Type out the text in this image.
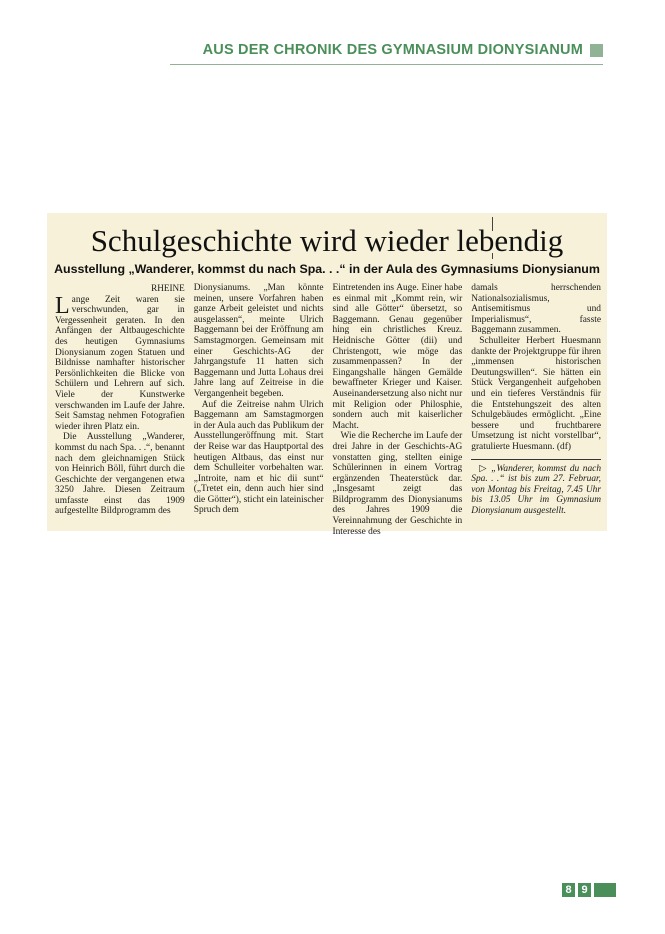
AUS DER CHRONIK DES GYMNASIUM DIONYSIANUM
Schulgeschichte wird wieder lebendig
Ausstellung „Wanderer, kommst du nach Spa. . .“ in der Aula des Gymnasiums Dionysianum
RHEINE

Lange Zeit waren sie verschwunden, gar in Vergessenheit geraten. In den Anfängen der Altbaugeschichte des heutigen Gymnasiums Dionysianum zogen Statuen und Bildnisse namhafter historischer Persönlichkeiten die Blicke von Schülern und Lehrern auf sich. Viele der Kunstwerke verschwanden im Laufe der Jahre. Seit Samstag nehmen Fotografien wieder ihren Platz ein.

Die Ausstellung „Wanderer, kommst du nach Spa. . .“, benannt nach dem gleichnamigen Stück von Heinrich Böll, führt durch die Geschichte der vergangenen etwa 3250 Jahre. Diesen Zeitraum umfasste einst das 1909 aufgestellte Bildprogramm des

Dionysianums. „Man könnte meinen, unsere Vorfahren haben ganze Arbeit geleistet und nichts ausgelassen“, meinte Ulrich Baggemann bei der Eröffnung am Samstagmorgen. Gemeinsam mit einer Geschichts-AG der Jahrgangstufe 11 hatten sich Baggemann und Jutta Lohaus drei Jahre lang auf Zeitreise in die Vergangenheit begeben.

Auf die Zeitreise nahm Ulrich Baggemann am Samstagmorgen in der Aula auch das Publikum der Ausstellungeröffnung mit. Start der Reise war das Hauptportal des heutigen Altbaus, das einst nur dem Schulleiter vorbehalten war. „Introite, nam et hic dii sunt“ („Tretet ein, denn auch hier sind die Götter“), sticht ein lateinischer Spruch dem

Eintretenden ins Auge. Einer habe es einmal mit „Kommt rein, wir sind alle Götter“ übersetzt, so Baggemann. Genau gegenüber hing ein christliches Kreuz. Heidnische Götter (dii) und Christengott, wie möge das zusammenpassen? In der Eingangshalle hängen Gemälde bewaffneter Krieger und Kaiser. Auseinandersetzung also nicht nur mit Religion oder Philosphie, sondern auch mit kaiserlicher Macht.

Wie die Recherche im Laufe der drei Jahre in der Geschichts-AG vonstatten ging, stellten einige Schülerinnen in einem Vortrag ergänzenden Theaterstück dar. „Insgesamt zeigt das Bildprogramm des Dionysianums des Jahres 1909 die Vereinnahmung der Geschichte in Interesse des

damals herrschenden Nationalsozialismus, Antisemitismus und Imperialismus“, fasste Baggemann zusammen.

Schulleiter Herbert Huesmann dankte der Projektgruppe für ihren „immensen historischen Deutungswillen“. Sie hätten ein Stück Vergangenheit aufgehoben und ein tieferes Verständnis für die Entstehungszeit des alten Schulgebäudes ermöglicht. „Eine bessere und fruchtbarere Umsetzung ist nicht vorstellbar“, gratulierte Huesmann. (df)

▷ „Wanderer, kommst du nach Spa. . .“ ist bis zum 27. Februar, von Montag bis Freitag, 7.45 Uhr bis 13.05 Uhr im Gymnasium Dionysianum ausgestellt.

8 9
